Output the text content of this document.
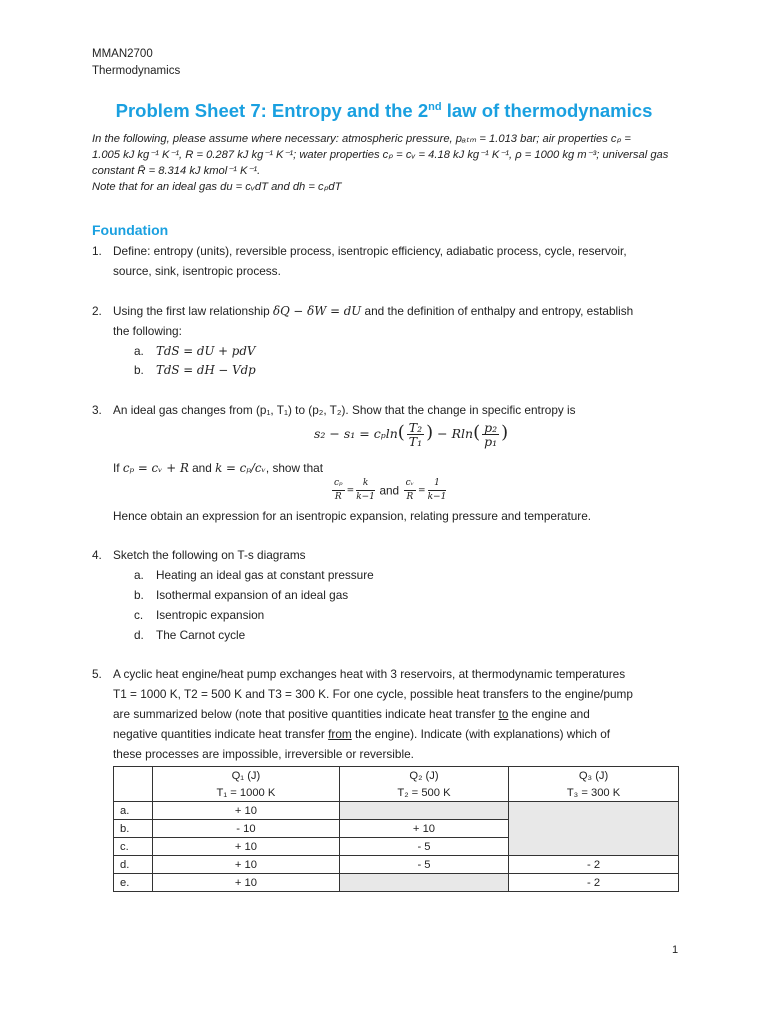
MMAN2700
Thermodynamics
Problem Sheet 7: Entropy and the 2nd law of thermodynamics
In the following, please assume where necessary: atmospheric pressure, pₐₜₘ = 1.013 bar; air properties cₚ =
1.005 kJ kg⁻¹ K⁻¹, R = 0.287 kJ kg⁻¹ K⁻¹; water properties cₚ = cᵥ = 4.18 kJ kg⁻¹ K⁻¹, ρ = 1000 kg m⁻³; universal gas
constant R̄ = 8.314 kJ kmol⁻¹ K⁻¹.
Note that for an ideal gas du = cᵥdT and dh = cₚdT
Foundation
1. Define: entropy (units), reversible process, isentropic efficiency, adiabatic process, cycle, reservoir,
source, sink, isentropic process.
2. Using the first law relationship δQ − δW = dU and the definition of enthalpy and entropy, establish
the following:
a. TdS = dU + pdV
b. TdS = dH − Vdp
3. An ideal gas changes from (p₁, T₁) to (p₂, T₂). Show that the change in specific entropy is
$s_2 - s_1 = c_p\ln( \frac{\text{T₂}}{\text{T₁}}$ ) − $Rln( \frac{\text{p₂}}{\text{p₁}}$ )
If cₚ = cᵥ + R and k = cₚ/cᵥ, show that
$\frac{\text{cₚ}}{R} = \frac{k}{k-1}$ and $\frac{\text{cᵥ}}{R} = \frac{1}{k-1}$
Hence obtain an expression for an isentropic expansion, relating pressure and temperature.
4. Sketch the following on T-s diagrams
a. Heating an ideal gas at constant pressure
b. Isothermal expansion of an ideal gas
c. Isentropic expansion
d. The Carnot cycle
5. A cyclic heat engine/heat pump exchanges heat with 3 reservoirs, at thermodynamic temperatures
T1 = 1000 K, T2 = 500 K and T3 = 300 K. For one cycle, possible heat transfers to the engine/pump
are summarized below (note that positive quantities indicate heat transfer to the engine and
negative quantities indicate heat transfer from the engine). Indicate (with explanations) which of
these processes are impossible, irreversible or reversible.
	Q₁ (J)	Q₂ (J)	Q₃ (J)
	T₁ = 1000 K	T₂ = 500 K	T₃ = 300 K
a.	+ 10		
b.	- 10	+ 10	
c.	+ 10	- 5	
d.	+ 10	- 5	- 2
e.	+ 10		- 2
1
